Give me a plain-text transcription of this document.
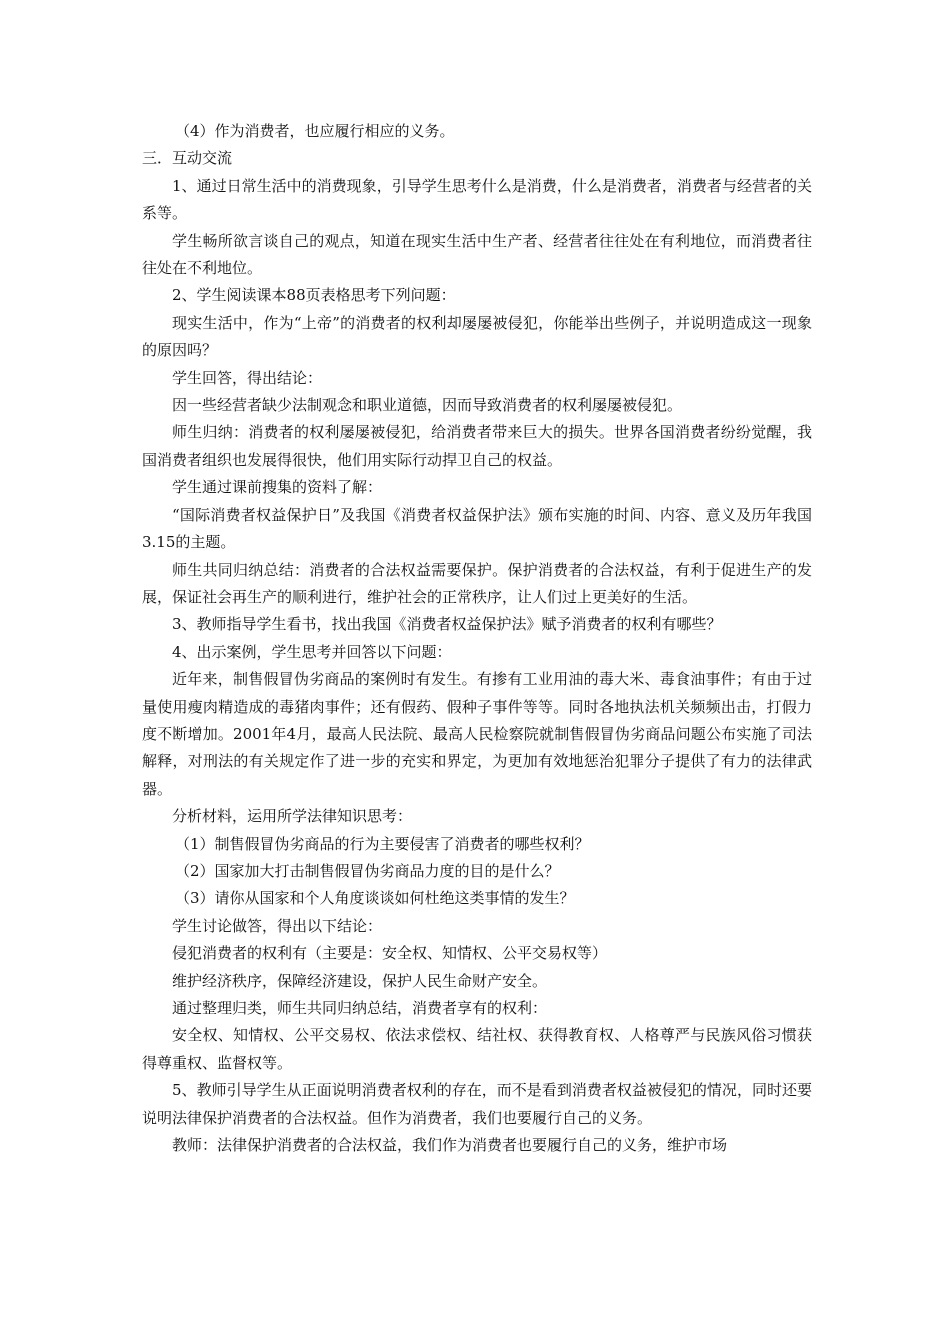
（4）作为消费者，也应履行相应的义务。

三．互动交流

1、通过日常生活中的消费现象，引导学生思考什么是消费，什么是消费者，消费者与经营者的关系等。

学生畅所欲言谈自己的观点，知道在现实生活中生产者、经营者往往处在有利地位，而消费者往往处在不利地位。

2、学生阅读课本88页表格思考下列问题：

现实生活中，作为“上帝”的消费者的权利却屡屡被侵犯，你能举出些例子，并说明造成这一现象的原因吗？

学生回答，得出结论：

因一些经营者缺少法制观念和职业道德，因而导致消费者的权利屡屡被侵犯。

师生归纳：消费者的权利屡屡被侵犯，给消费者带来巨大的损失。世界各国消费者纷纷觉醒，我国消费者组织也发展得很快，他们用实际行动捍卫自己的权益。

学生通过课前搜集的资料了解：

“国际消费者权益保护日”及我国《消费者权益保护法》颁布实施的时间、内容、意义及历年我国3.15的主题。

师生共同归纳总结：消费者的合法权益需要保护。保护消费者的合法权益，有利于促进生产的发展，保证社会再生产的顺利进行，维护社会的正常秩序，让人们过上更美好的生活。

3、教师指导学生看书，找出我国《消费者权益保护法》赋予消费者的权利有哪些？

4、出示案例，学生思考并回答以下问题：

近年来，制售假冒伪劣商品的案例时有发生。有掺有工业用油的毒大米、毒食油事件；有由于过量使用瘦肉精造成的毒猪肉事件；还有假药、假种子事件等等。同时各地执法机关频频出击，打假力度不断增加。2001年4月，最高人民法院、最高人民检察院就制售假冒伪劣商品问题公布实施了司法解释，对刑法的有关规定作了进一步的充实和界定，为更加有效地惩治犯罪分子提供了有力的法律武器。

分析材料，运用所学法律知识思考：

（1）制售假冒伪劣商品的行为主要侵害了消费者的哪些权利？

（2）国家加大打击制售假冒伪劣商品力度的目的是什么？

（3）请你从国家和个人角度谈谈如何杜绝这类事情的发生？

学生讨论做答，得出以下结论：

侵犯消费者的权利有（主要是：安全权、知情权、公平交易权等）

维护经济秩序，保障经济建设，保护人民生命财产安全。

通过整理归类，师生共同归纳总结，消费者享有的权利：

安全权、知情权、公平交易权、依法求偿权、结社权、获得教育权、人格尊严与民族风俗习惯获得尊重权、监督权等。

5、教师引导学生从正面说明消费者权利的存在，而不是看到消费者权益被侵犯的情况，同时还要说明法律保护消费者的合法权益。但作为消费者，我们也要履行自己的义务。

教师：法律保护消费者的合法权益，我们作为消费者也要履行自己的义务，维护市场
